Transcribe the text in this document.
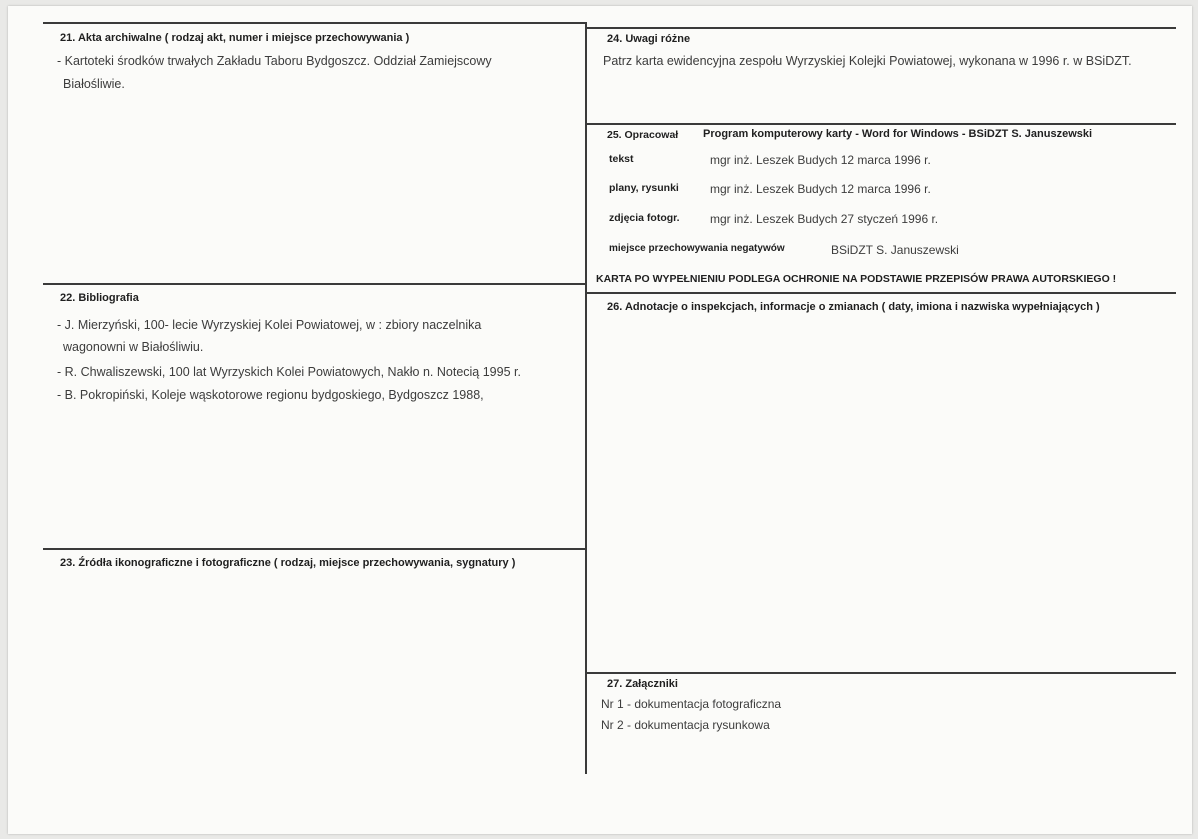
21. Akta archiwalne ( rodzaj akt, numer i miejsce przechowywania )
- Kartoteki środków trwałych Zakładu Taboru Bydgoszcz. Oddział Zamiejscowy
Białośliwie.
22. Bibliografia
- J. Mierzyński, 100- lecie Wyrzyskiej Kolei Powiatowej, w : zbiory naczelnika
wagonowni w Białośliwiu.
- R. Chwaliszewski, 100 lat Wyrzyskich Kolei Powiatowych, Nakło n. Notecią 1995 r.
- B. Pokropiński, Koleje wąskotorowe regionu bydgoskiego, Bydgoszcz 1988,
23. Źródła ikonograficzne i fotograficzne ( rodzaj, miejsce przechowywania, sygnatury )
24. Uwagi różne
Patrz karta ewidencyjna zespołu Wyrzyskiej Kolejki Powiatowej, wykonana w 1996 r. w BSiDZT.
25. Opracował Program komputerowy karty - Word for Windows - BSiDZT S. Januszewski
tekst	mgr inż. Leszek Budych 12 marca 1996 r.
plany, rysunki	mgr inż. Leszek Budych 12 marca 1996 r.
zdjęcia fotogr.	mgr inż. Leszek Budych 27 styczeń 1996 r.
miejsce przechowywania negatywów	BSiDZT S. Januszewski
KARTA PO WYPEŁNIENIU PODLEGA OCHRONIE NA PODSTAWIE PRZEPISÓW PRAWA AUTORSKIEGO !
26. Adnotacje o inspekcjach, informacje o zmianach ( daty, imiona i nazwiska wypełniających )
27. Załączniki
Nr 1 - dokumentacja fotograficzna
Nr 2 - dokumentacja rysunkowa
